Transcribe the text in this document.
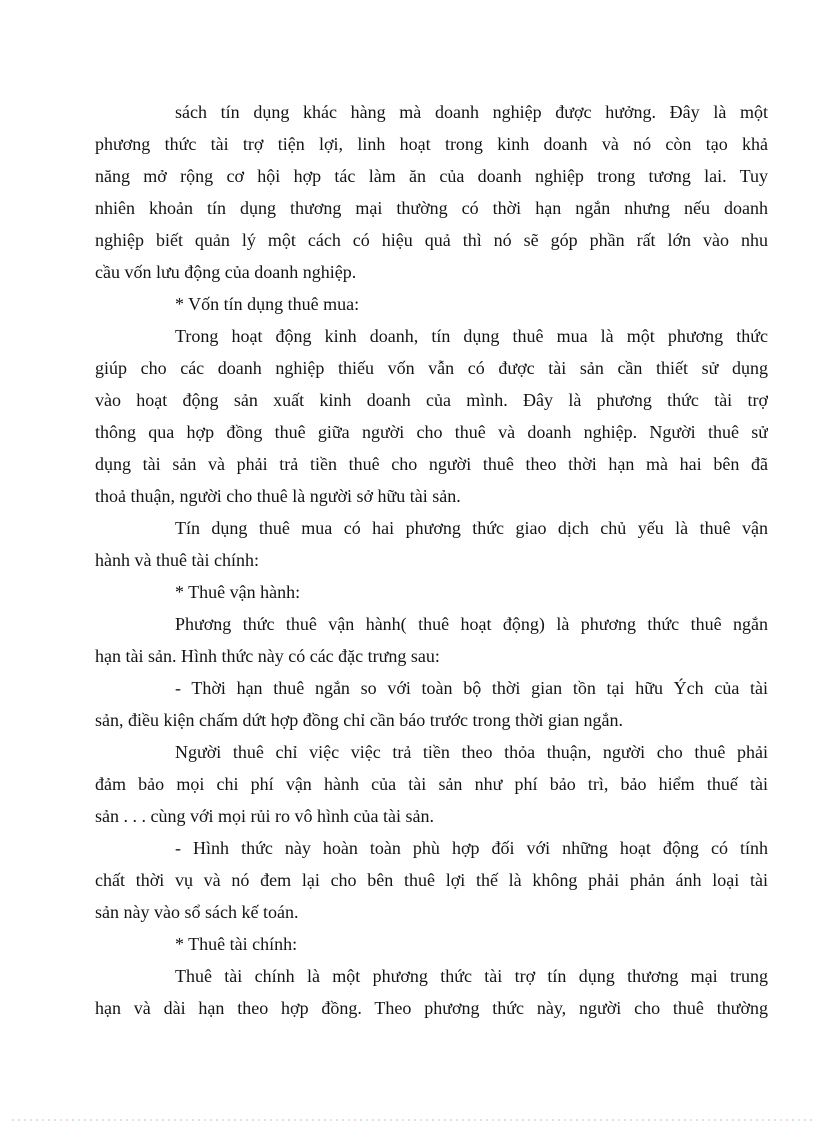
sách tín dụng khác hàng mà doanh nghiệp được hưởng. Đây là một
phương thức tài trợ tiện lợi, linh hoạt trong kinh doanh và nó còn tạo khả
năng mở rộng cơ hội hợp tác làm ăn của doanh nghiệp trong tương lai. Tuy
nhiên khoản tín dụng thương mại thường có thời hạn ngắn nhưng nếu doanh
nghiệp biết quản lý một cách có hiệu quả thì nó sẽ góp phần rất lớn vào nhu
cầu vốn lưu động của doanh nghiệp.
* Vốn tín dụng thuê mua:
Trong hoạt động kinh doanh, tín dụng thuê mua là một phương thức
giúp cho các doanh nghiệp thiếu vốn vẫn có được tài sản cần thiết sử dụng
vào hoạt động sản xuất kinh doanh của mình. Đây là phương thức tài trợ
thông qua hợp đồng thuê giữa người cho thuê và doanh nghiệp. Người thuê sử
dụng tài sản và phải trả tiền thuê cho người thuê theo thời hạn mà hai bên đã
thoả thuận, người cho thuê là người sở hữu tài sản.
Tín dụng thuê mua có hai phương thức giao dịch chủ yếu là thuê vận
hành và thuê tài chính:
* Thuê vận hành:
Phương thức thuê vận hành( thuê hoạt động) là phương thức thuê ngắn
hạn tài sản. Hình thức này có các đặc trưng sau:
- Thời hạn thuê ngắn so với toàn bộ thời gian tồn tại hữu Ých của tài
sản, điều kiện chấm dứt hợp đồng chỉ cần báo trước trong thời gian ngắn.
Người thuê chỉ việc việc trả tiền theo thỏa thuận, người cho thuê phải
đảm bảo mọi chi phí vận hành của tài sản như phí bảo trì, bảo hiểm thuế tài
sản . . . cùng với mọi rủi ro vô hình của tài sản.
- Hình thức này hoàn toàn phù hợp đối với những hoạt động có tính
chất thời vụ và nó đem lại cho bên thuê lợi thế là không phải phản ánh loại tài
sản này vào sổ sách kế toán.
* Thuê tài chính:
Thuê tài chính là một phương thức tài trợ tín dụng thương mại trung
hạn và dài hạn theo hợp đồng. Theo phương thức này, người cho thuê thường
